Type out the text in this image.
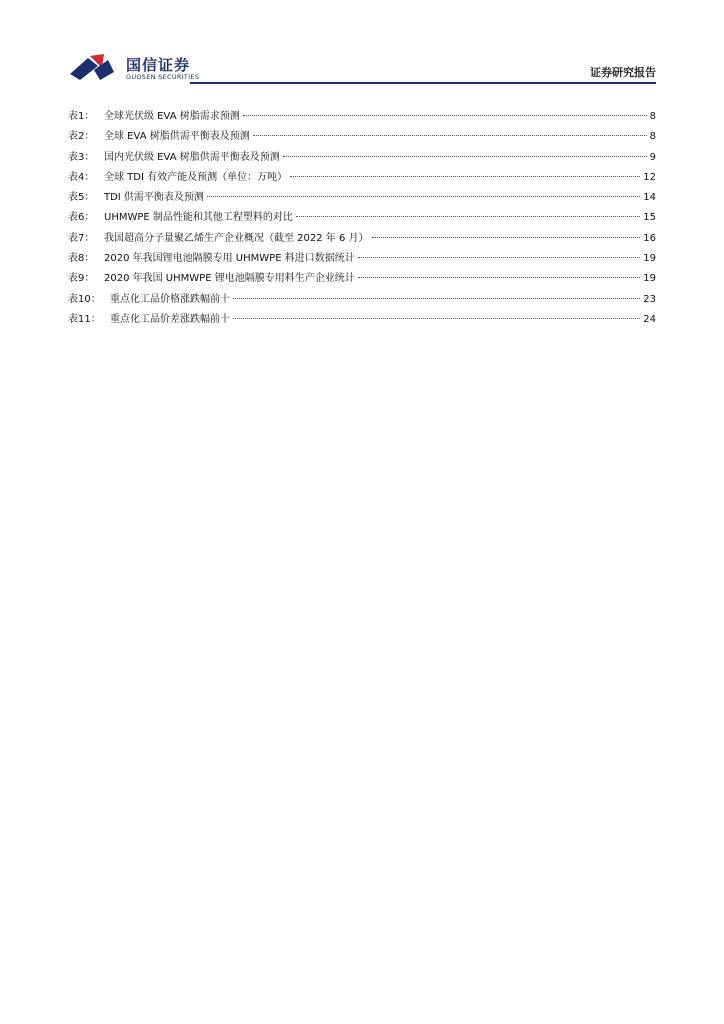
国信证券
GUOSEN SECURITIES	证券研究报告
表1： 全球光伏级 EVA 树脂需求预测	8
表2： 全球 EVA 树脂供需平衡表及预测	8
表3： 国内光伏级 EVA 树脂供需平衡表及预测	9
表4： 全球 TDI 有效产能及预测（单位：万吨）	12
表5： TDI 供需平衡表及预测	14
表6： UHMWPE 制品性能和其他工程塑料的对比	15
表7： 我国超高分子量聚乙烯生产企业概况（截至 2022 年 6 月）	16
表8： 2020 年我国锂电池隔膜专用 UHMWPE 料进口数据统计	19
表9： 2020 年我国 UHMWPE 锂电池隔膜专用料生产企业统计	19
表10： 重点化工品价格涨跌幅前十	23
表11： 重点化工品价差涨跌幅前十	24
